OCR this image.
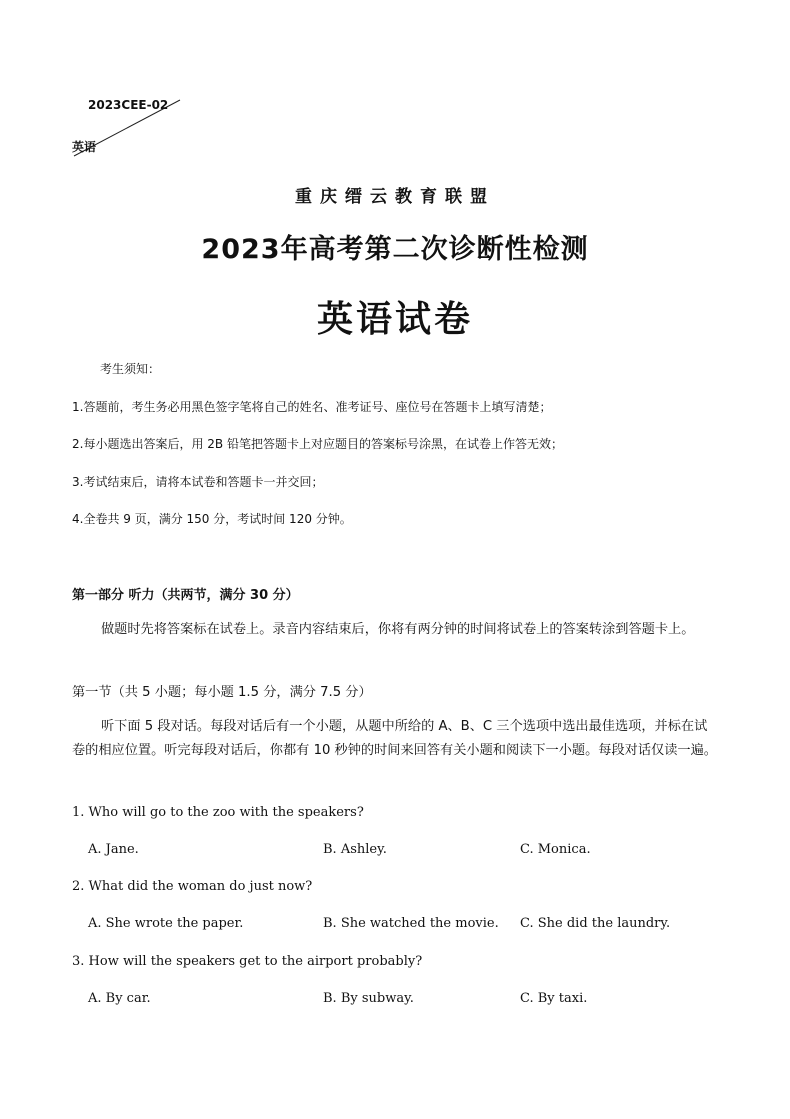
2023CEE-02
英语
重庆缙云教育联盟
2023年高考第二次诊断性检测
英语试卷
考生须知：
1.答题前，考生务必用黑色签字笔将自己的姓名、准考证号、座位号在答题卡上填写清楚；
2.每小题选出答案后，用 2B 铅笔把答题卡上对应题目的答案标号涂黑，在试卷上作答无效；
3.考试结束后，请将本试卷和答题卡一并交回；
4.全卷共 9 页，满分 150 分，考试时间 120 分钟。
第一部分 听力（共两节，满分 30 分）
做题时先将答案标在试卷上。录音内容结束后，你将有两分钟的时间将试卷上的答案转涂到答题卡上。
第一节（共 5 小题；每小题 1.5 分，满分 7.5 分）
听下面 5 段对话。每段对话后有一个小题，从题中所给的 A、B、C 三个选项中选出最佳选项，并标在试卷的相应位置。听完每段对话后，你都有 10 秒钟的时间来回答有关小题和阅读下一小题。每段对话仅读一遍。
1. Who will go to the zoo with the speakers?
A. Jane.	B. Ashley.	C. Monica.
2. What did the woman do just now?
A. She wrote the paper.	B. She watched the movie. C. She did the laundry.
3. How will the speakers get to the airport probably?
A. By car.	B. By subway.	C. By taxi.
